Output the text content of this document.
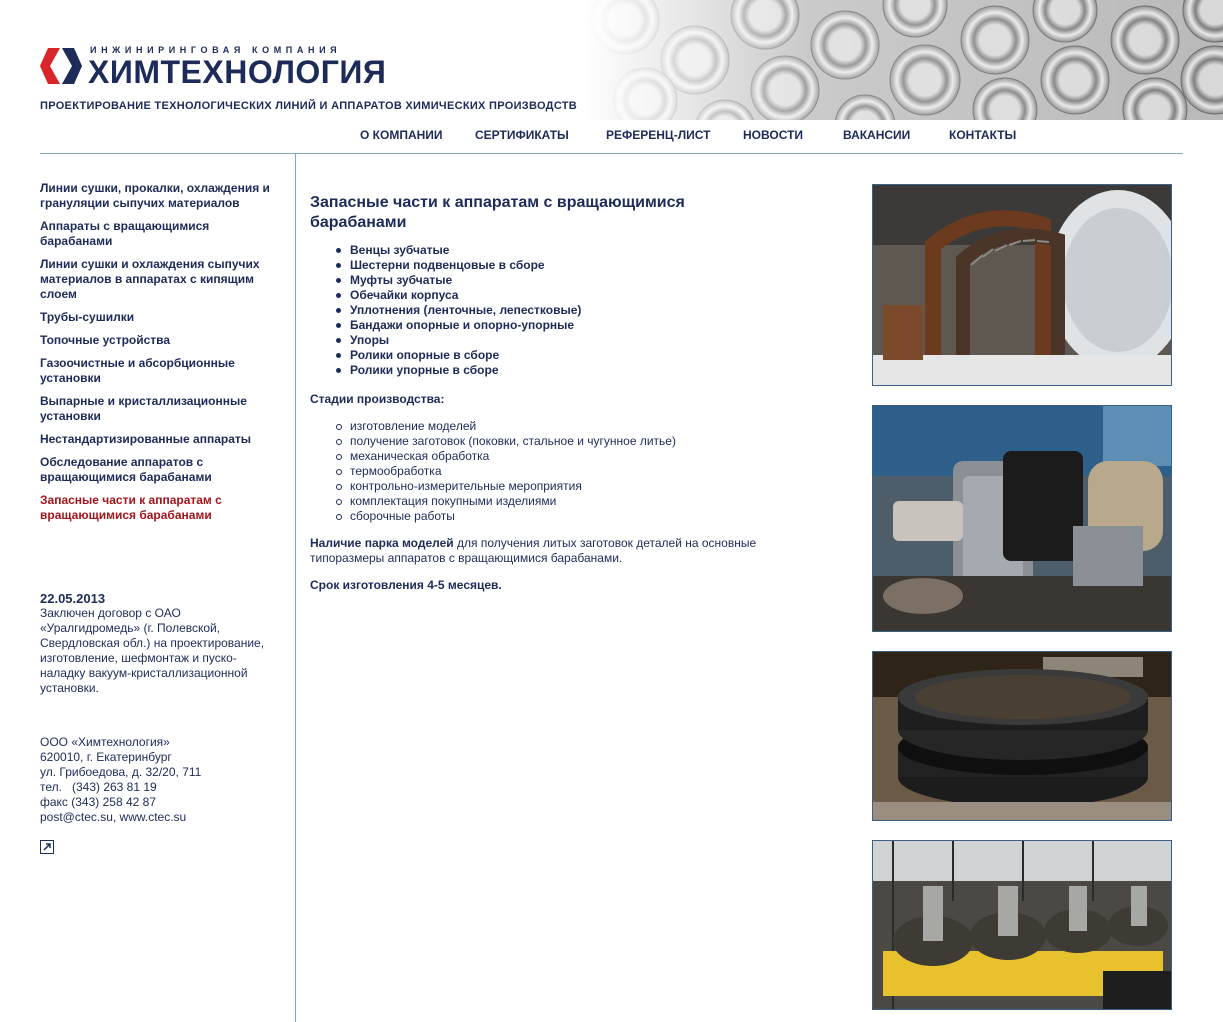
ИНЖИНИРИНГОВАЯ КОМПАНИЯ
ХИМТЕХНОЛОГИЯ
ПРОЕКТИРОВАНИЕ ТЕХНОЛОГИЧЕСКИХ ЛИНИЙ И АППАРАТОВ ХИМИЧЕСКИХ ПРОИЗВОДСТВ
О КОМПАНИИ	СЕРТИФИКАТЫ	РЕФЕРЕНЦ-ЛИСТ	НОВОСТИ	ВАКАНСИИ	КОНТАКТЫ
Линии сушки, прокалки, охлаждения и грануляции сыпучих материалов
Аппараты с вращающимися барабанами
Линии сушки и охлаждения сыпучих материалов в аппаратах с кипящим слоем
Трубы-сушилки
Топочные устройства
Газоочистные и абсорбционные установки
Выпарные и кристаллизационные установки
Нестандартизированные аппараты
Обследование аппаратов с вращающимися барабанами
Запасные части к аппаратам с вращающимися барабанами
22.05.2013
Заключен договор с ОАО «Уралгидромедь» (г. Полевской, Свердловская обл.) на проектирование, изготовление, шефмонтаж и пуско-наладку вакуум-кристаллизационной установки.
ООО «Химтехнология»
620010, г. Екатеринбург
ул. Грибоедова, д. 32/20, 711
тел.   (343) 263 81 19
факс (343) 258 42 87
post@ctec.su, www.ctec.su
Запасные части к аппаратам с вращающимися барабанами
Венцы зубчатые
Шестерни подвенцовые в сборе
Муфты зубчатые
Обечайки корпуса
Уплотнения (ленточные, лепестковые)
Бандажи опорные и опорно-упорные
Упоры
Ролики опорные в сборе
Ролики упорные в сборе

Стадии производства:

изготовление моделей
получение заготовок (поковки, стальное и чугунное литье)
механическая обработка
термообработка
контрольно-измерительные мероприятия
комплектация покупными изделиями
сборочные работы

Наличие парка моделей для получения литых заготовок деталей на основные типоразмеры аппаратов с вращающимися барабанами.

Срок изготовления 4-5 месяцев.
